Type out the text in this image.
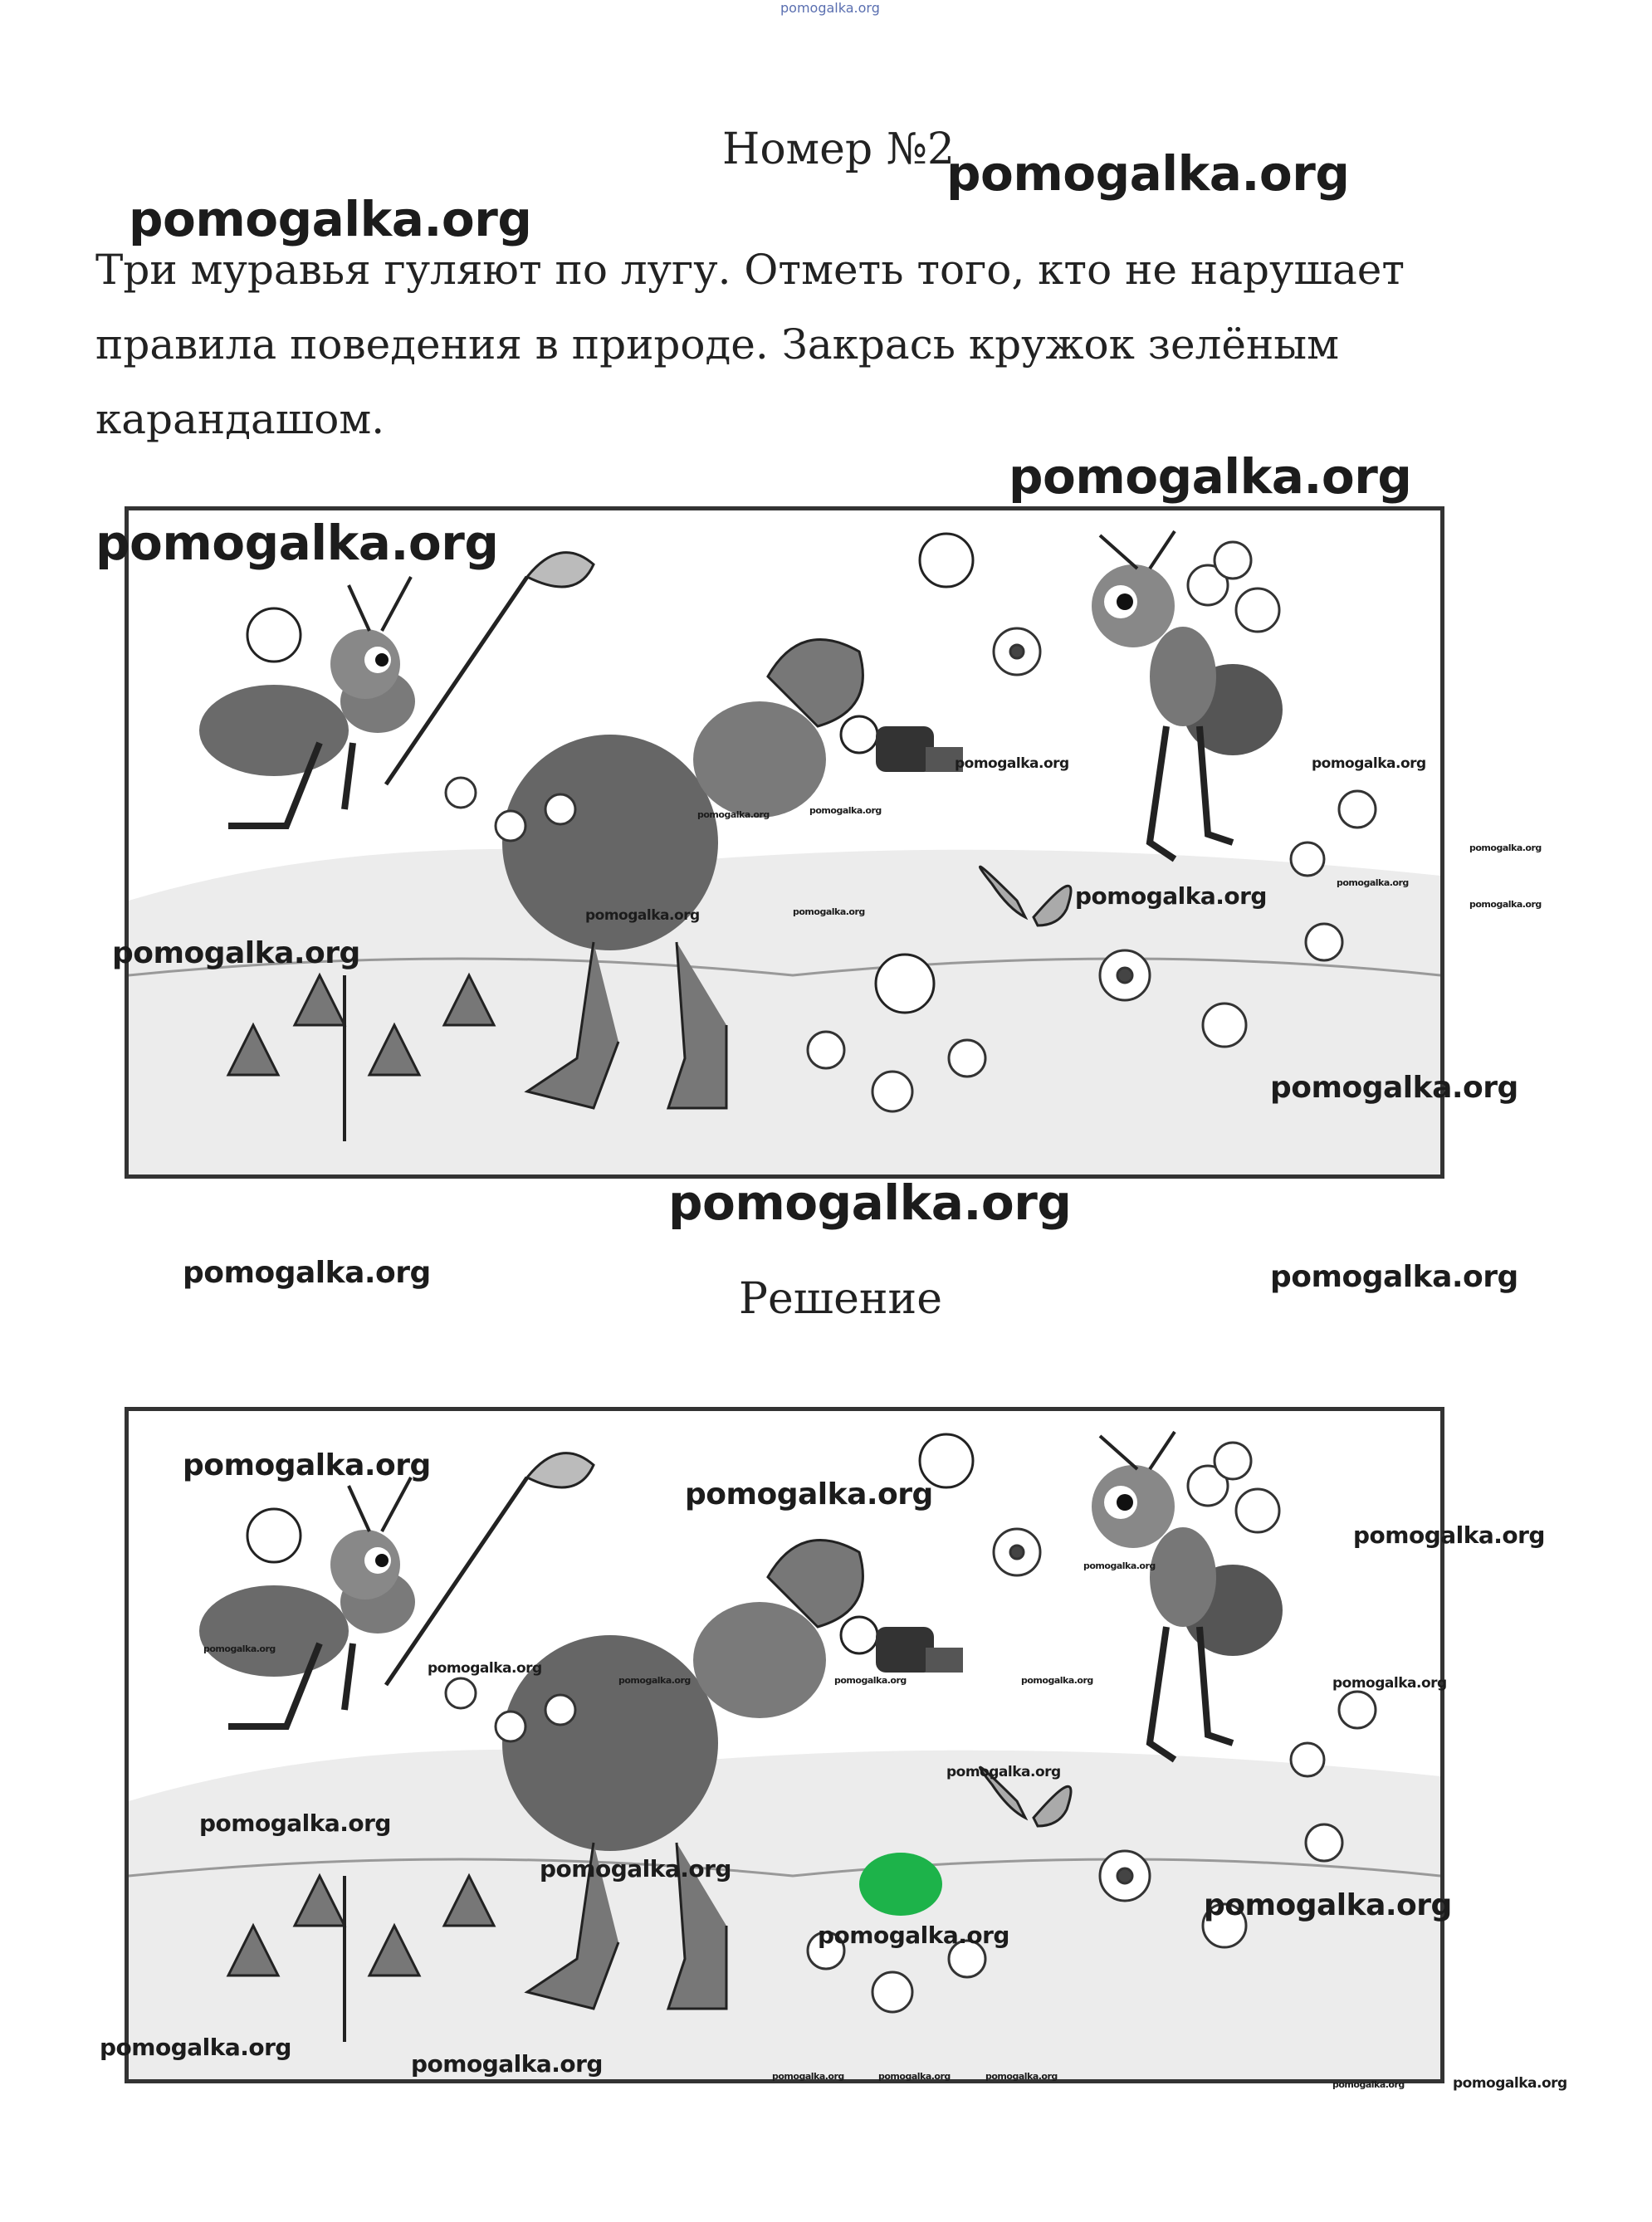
pomogalka.org
Номер №2
pomogalka.org
pomogalka.org
Три муравья гуляют по лугу. Отметь того, кто не нарушает правила поведения в природе. Закрась кружок зелёным карандашом.
pomogalka.org
pomogalka.org
pomogalka.org	pomogalka.org
pomogalka.org	pomogalka.org
pomogalka.org
pomogalka.org
pomogalka.org
pomogalka.org
pomogalka.org	pomogalka.org
pomogalka.org
pomogalka.org
pomogalka.org
pomogalka.org	pomogalka.org
Решение
pomogalka.org
pomogalka.org
pomogalka.org
pomogalka.org
pomogalka.org
pomogalka.org
pomogalka.org	pomogalka.org	pomogalka.org	pomogalka.org
pomogalka.org
pomogalka.org
pomogalka.org
pomogalka.org
pomogalka.org
pomogalka.org
pomogalka.org	pomogalka.org	pomogalka.org	pomogalka.org
pomogalka.org	pomogalka.org
